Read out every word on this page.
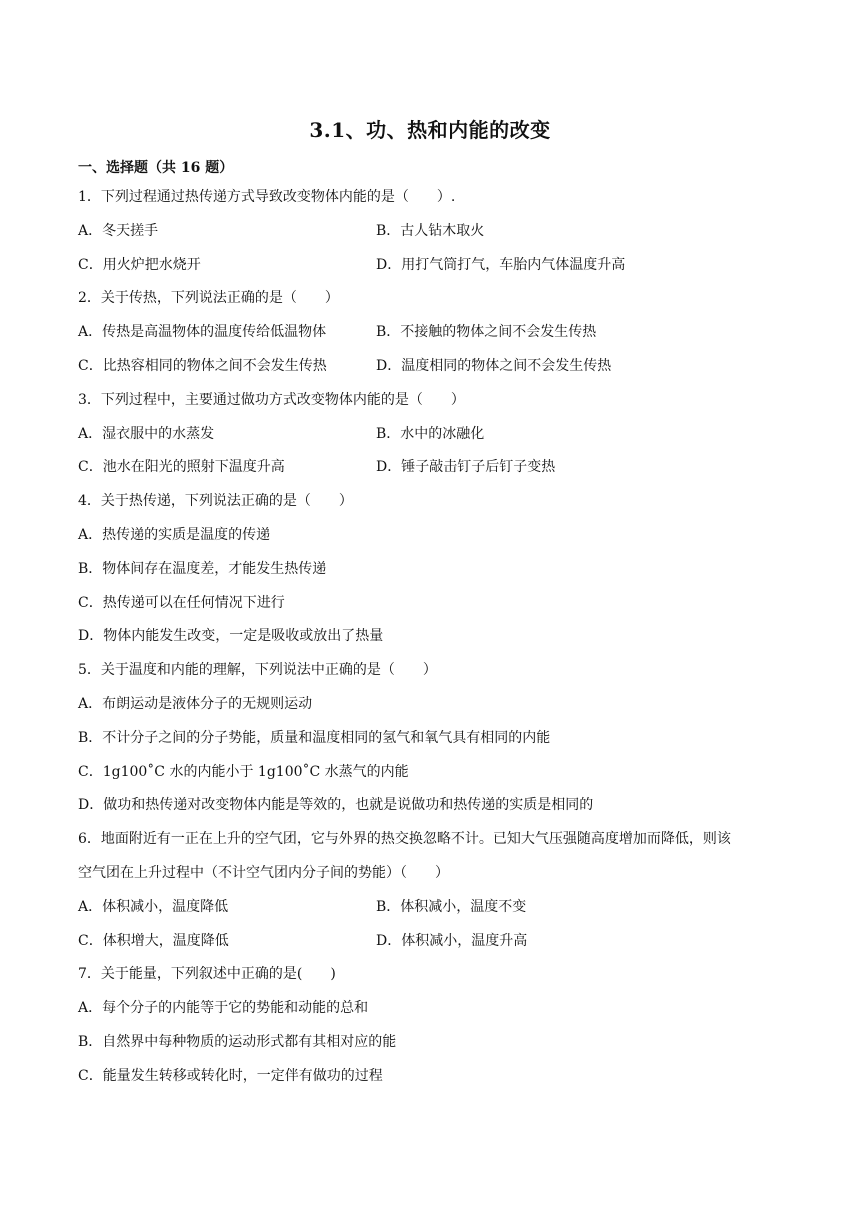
3.1、功、热和内能的改变
一、选择题（共 16 题）
1．下列过程通过热传递方式导致改变物体内能的是（　　）.
A．冬天搓手	B．古人钻木取火
C．用火炉把水烧开	D．用打气筒打气，车胎内气体温度升高
2．关于传热，下列说法正确的是（　　）
A．传热是高温物体的温度传给低温物体	B．不接触的物体之间不会发生传热
C．比热容相同的物体之间不会发生传热	D．温度相同的物体之间不会发生传热
3．下列过程中，主要通过做功方式改变物体内能的是（　　）
A．湿衣服中的水蒸发	B．水中的冰融化
C．池水在阳光的照射下温度升高	D．锤子敲击钉子后钉子变热
4．关于热传递，下列说法正确的是（　　）
A．热传递的实质是温度的传递
B．物体间存在温度差，才能发生热传递
C．热传递可以在任何情况下进行
D．物体内能发生改变，一定是吸收或放出了热量
5．关于温度和内能的理解，下列说法中正确的是（　　）
A．布朗运动是液体分子的无规则运动
B．不计分子之间的分子势能，质量和温度相同的氢气和氧气具有相同的内能
C．1g100˚C 水的内能小于 1g100˚C 水蒸气的内能
D．做功和热传递对改变物体内能是等效的，也就是说做功和热传递的实质是相同的
6．地面附近有一正在上升的空气团，它与外界的热交换忽略不计。已知大气压强随高度增加而降低，则该
空气团在上升过程中（不计空气团内分子间的势能）（　　）
A．体积减小，温度降低	B．体积减小，温度不变
C．体积增大，温度降低	D．体积减小，温度升高
7．关于能量，下列叙述中正确的是(　　)
A．每个分子的内能等于它的势能和动能的总和
B．自然界中每种物质的运动形式都有其相对应的能
C．能量发生转移或转化时，一定伴有做功的过程
